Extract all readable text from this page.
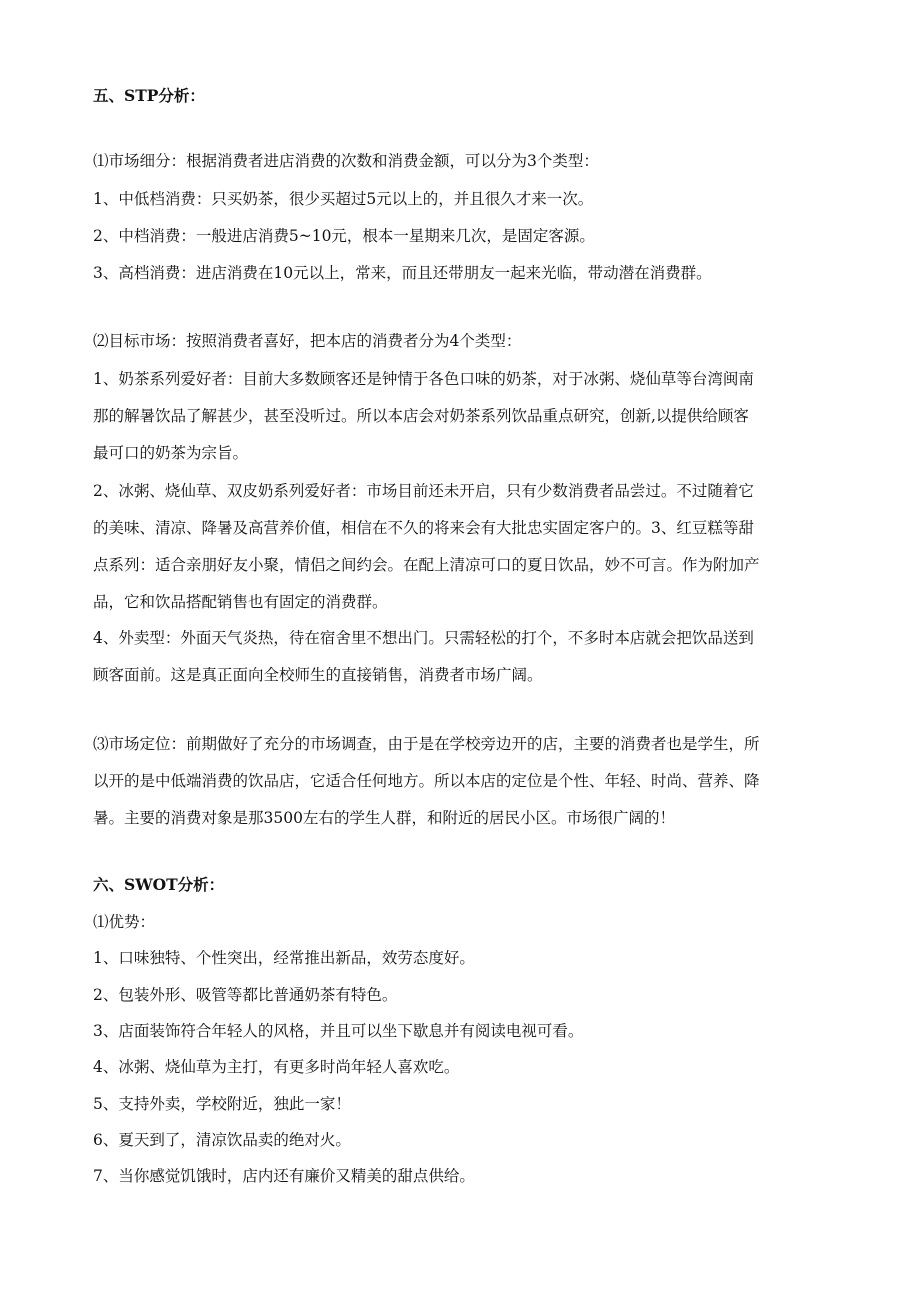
五、STP分析：
⑴市场细分：根据消费者进店消费的次数和消费金额，可以分为3个类型：
1、中低档消费：只买奶茶，很少买超过5元以上的，并且很久才来一次。
2、中档消费：一般进店消费5~10元，根本一星期来几次，是固定客源。
3、高档消费：进店消费在10元以上，常来，而且还带朋友一起来光临，带动潜在消费群。
⑵目标市场：按照消费者喜好，把本店的消费者分为4个类型：
1、奶茶系列爱好者：目前大多数顾客还是钟情于各色口味的奶茶，对于冰粥、烧仙草等台湾闽南
那的解暑饮品了解甚少，甚至没听过。所以本店会对奶茶系列饮品重点研究，创新,以提供给顾客
最可口的奶茶为宗旨。
2、冰粥、烧仙草、双皮奶系列爱好者：市场目前还未开启，只有少数消费者品尝过。不过随着它
的美味、清凉、降暑及高营养价值，相信在不久的将来会有大批忠实固定客户的。3、红豆糕等甜
点系列：适合亲朋好友小聚，情侣之间约会。在配上清凉可口的夏日饮品，妙不可言。作为附加产
品，它和饮品搭配销售也有固定的消费群。
4、外卖型：外面天气炎热，待在宿舍里不想出门。只需轻松的打个，不多时本店就会把饮品送到
顾客面前。这是真正面向全校师生的直接销售，消费者市场广阔。
⑶市场定位：前期做好了充分的市场调查，由于是在学校旁边开的店，主要的消费者也是学生，所
以开的是中低端消费的饮品店，它适合任何地方。所以本店的定位是个性、年轻、时尚、营养、降
暑。主要的消费对象是那3500左右的学生人群，和附近的居民小区。市场很广阔的！
六、SWOT分析：
⑴优势：
1、口味独特、个性突出，经常推出新品，效劳态度好。
2、包装外形、吸管等都比普通奶茶有特色。
3、店面装饰符合年轻人的风格，并且可以坐下歇息并有阅读电视可看。
4、冰粥、烧仙草为主打，有更多时尚年轻人喜欢吃。
5、支持外卖，学校附近，独此一家！
6、夏天到了，清凉饮品卖的绝对火。
7、当你感觉饥饿时，店内还有廉价又精美的甜点供给。
